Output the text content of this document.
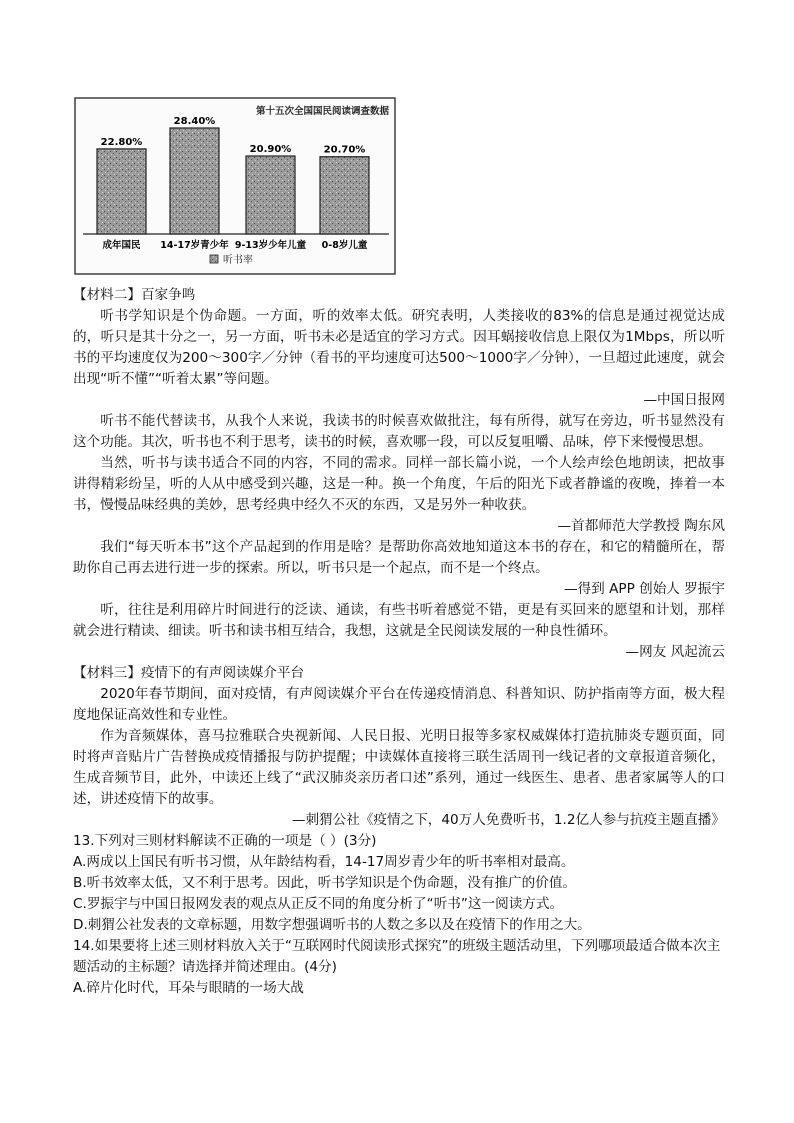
第十五次全国国民阅读调查数据
22.80%
成年国民
28.40%
14-17岁青少年
20.90%
9-13岁少年儿童
20.70%
0-8岁儿童
听书率

【材料二】百家争鸣

听书学知识是个伪命题。一方面，听的效率太低。研究表明，人类接收的83%的信息是通过视觉达成的，听只是其十分之一，另一方面，听书未必是适宜的学习方式。因耳蜗接收信息上限仅为1Mbps，所以听书的平均速度仅为200～300字／分钟（看书的平均速度可达500～1000字／分钟），一旦超过此速度，就会出现“听不懂”“听着太累”等问题。

—中国日报网

听书不能代替读书，从我个人来说，我读书的时候喜欢做批注，每有所得，就写在旁边，听书显然没有这个功能。其次，听书也不利于思考，读书的时候，喜欢哪一段，可以反复咀嚼、品味，停下来慢慢思想。

当然，听书与读书适合不同的内容，不同的需求。同样一部长篇小说，一个人绘声绘色地朗读，把故事讲得精彩纷呈，听的人从中感受到兴趣，这是一种。换一个角度，午后的阳光下或者静谧的夜晚，捧着一本书，慢慢品味经典的美妙，思考经典中经久不灭的东西，又是另外一种收获。

—首都师范大学教授 陶东风

我们“每天听本书”这个产品起到的作用是啥？是帮助你高效地知道这本书的存在，和它的精髓所在，帮助你自己再去进行进一步的探索。所以，听书只是一个起点，而不是一个终点。

—得到 APP 创始人 罗振宇

听，往往是利用碎片时间进行的泛读、通读，有些书听着感觉不错，更是有买回来的愿望和计划，那样就会进行精读、细读。听书和读书相互结合，我想，这就是全民阅读发展的一种良性循环。

—网友 风起流云

【材料三】疫情下的有声阅读媒介平台

2020年春节期间，面对疫情，有声阅读媒介平台在传递疫情消息、科普知识、防护指南等方面，极大程度地保证高效性和专业性。

作为音频媒体，喜马拉雅联合央视新闻、人民日报、光明日报等多家权威媒体打造抗肺炎专题页面，同时将声音贴片广告替换成疫情播报与防护提醒；中读媒体直接将三联生活周刊一线记者的文章报道音频化，生成音频节目，此外，中读还上线了“武汉肺炎亲历者口述”系列，通过一线医生、患者、患者家属等人的口述，讲述疫情下的故事。

—刺猬公社《疫情之下，40万人免费听书，1.2亿人参与抗疫主题直播》

13.下列对三则材料解读不正确的一项是（ ）(3分)

A.两成以上国民有听书习惯，从年龄结构看，14-17周岁青少年的听书率相对最高。

B.听书效率太低，又不利于思考。因此，听书学知识是个伪命题，没有推广的价值。

C.罗振宇与中国日报网发表的观点从正反不同的角度分析了“听书”这一阅读方式。

D.刺猬公社发表的文章标题，用数字想强调听书的人数之多以及在疫情下的作用之大。

14.如果要将上述三则材料放入关于“互联网时代阅读形式探究”的班级主题活动里，下列哪项最适合做本次主题活动的主标题？请选择并简述理由。(4分)

A.碎片化时代，耳朵与眼睛的一场大战
